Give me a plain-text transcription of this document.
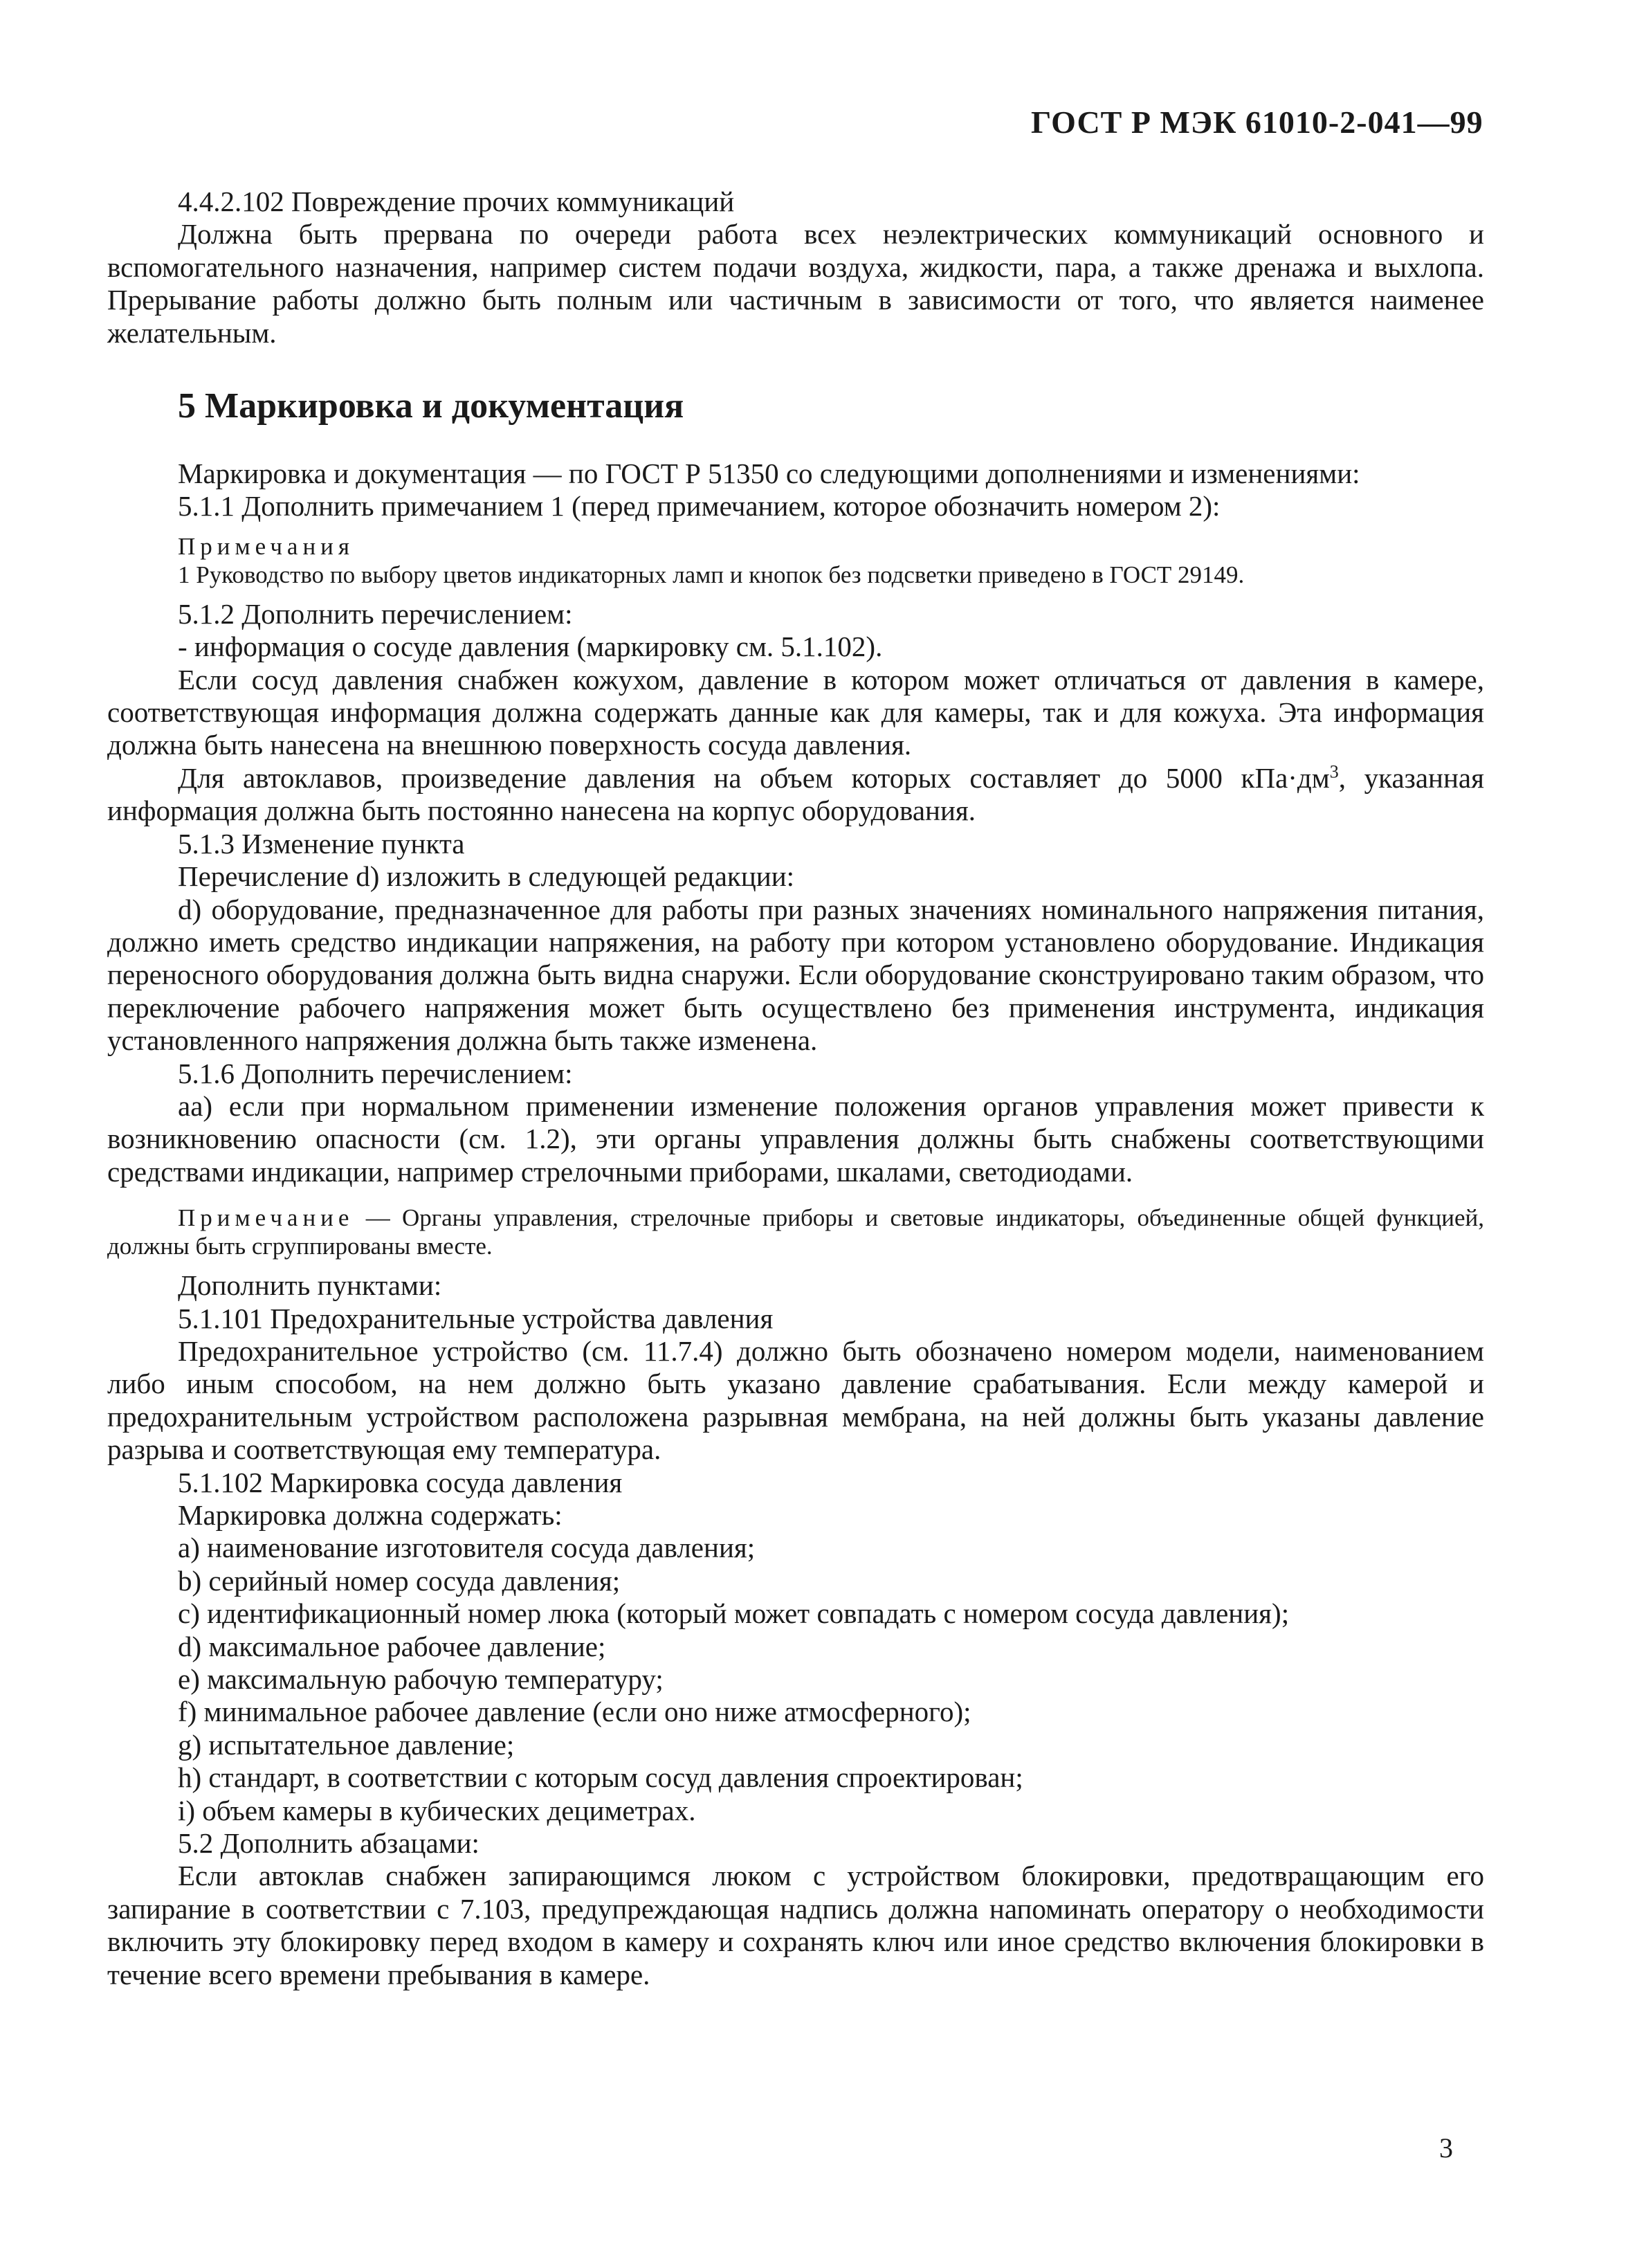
ГОСТ Р МЭК 61010-2-041—99

4.4.2.102 Повреждение прочих коммуникаций

Должна быть прервана по очереди работа всех неэлектрических коммуникаций основного и вспомогательного назначения, например систем подачи воздуха, жидкости, пара, а также дренажа и выхлопа. Прерывание работы должно быть полным или частичным в зависимости от того, что является наименее желательным.

5 Маркировка и документация

Маркировка и документация — по ГОСТ Р 51350 со следующими дополнениями и изменениями:

5.1.1 Дополнить примечанием 1 (перед примечанием, которое обозначить номером 2):

Примечания

1 Руководство по выбору цветов индикаторных ламп и кнопок без подсветки приведено в ГОСТ 29149.

5.1.2 Дополнить перечислением:

- информация о сосуде давления (маркировку см. 5.1.102).

Если сосуд давления снабжен кожухом, давление в котором может отличаться от давления в камере, соответствующая информация должна содержать данные как для камеры, так и для кожуха. Эта информация должна быть нанесена на внешнюю поверхность сосуда давления.

Для автоклавов, произведение давления на объем которых составляет до 5000 $кПа\cdot дм^3$, указанная информация должна быть постоянно нанесена на корпус оборудования.

5.1.3 Изменение пункта

Перечисление d) изложить в следующей редакции:

d) оборудование, предназначенное для работы при разных значениях номинального напряжения питания, должно иметь средство индикации напряжения, на работу при котором установлено оборудование. Индикация переносного оборудования должна быть видна снаружи. Если оборудование сконструировано таким образом, что переключение рабочего напряжения может быть осуществлено без применения инструмента, индикация установленного напряжения должна быть также изменена.

5.1.6 Дополнить перечислением:

аа) если при нормальном применении изменение положения органов управления может привести к возникновению опасности (см. 1.2), эти органы управления должны быть снабжены соответствующими средствами индикации, например стрелочными приборами, шкалами, светодиодами.

Примечание — Органы управления, стрелочные приборы и световые индикаторы, объединенные общей функцией, должны быть сгруппированы вместе.

Дополнить пунктами:

5.1.101 Предохранительные устройства давления

Предохранительное устройство (см. 11.7.4) должно быть обозначено номером модели, наименованием либо иным способом, на нем должно быть указано давление срабатывания. Если между камерой и предохранительным устройством расположена разрывная мембрана, на ней должны быть указаны давление разрыва и соответствующая ему температура.

5.1.102 Маркировка сосуда давления

Маркировка должна содержать:

a) наименование изготовителя сосуда давления;

b) серийный номер сосуда давления;

c) идентификационный номер люка (который может совпадать с номером сосуда давления);

d) максимальное рабочее давление;

e) максимальную рабочую температуру;

f) минимальное рабочее давление (если оно ниже атмосферного);

g) испытательное давление;

h) стандарт, в соответствии с которым сосуд давления спроектирован;

i) объем камеры в кубических дециметрах.

5.2 Дополнить абзацами:

Если автоклав снабжен запирающимся люком с устройством блокировки, предотвращающим его запирание в соответствии с 7.103, предупреждающая надпись должна напоминать оператору о необходимости включить эту блокировку перед входом в камеру и сохранять ключ или иное средство включения блокировки в течение всего времени пребывания в камере.

3
